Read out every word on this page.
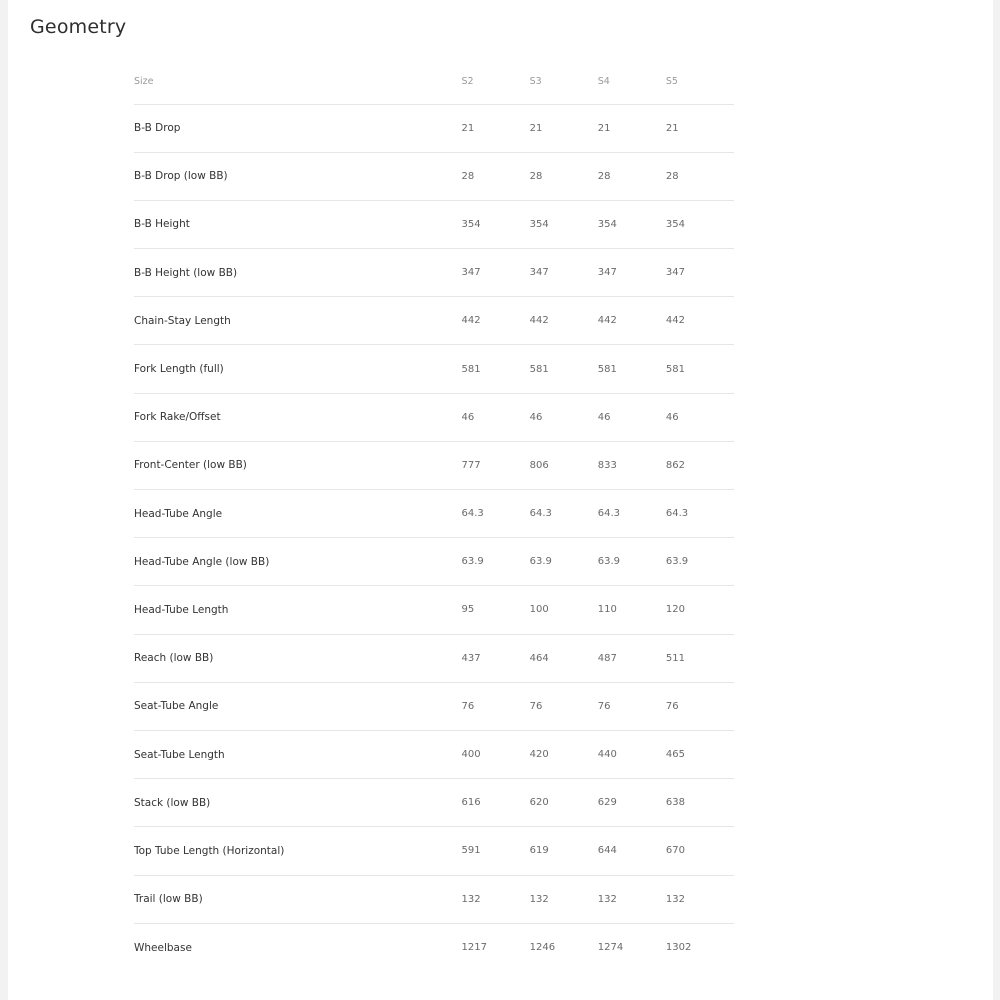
Geometry
Size	S2	S3	S4	S5
B-B Drop	21	21	21	21
B-B Drop (low BB)	28	28	28	28
B-B Height	354	354	354	354
B-B Height (low BB)	347	347	347	347
Chain-Stay Length	442	442	442	442
Fork Length (full)	581	581	581	581
Fork Rake/Offset	46	46	46	46
Front-Center (low BB)	777	806	833	862
Head-Tube Angle	64.3	64.3	64.3	64.3
Head-Tube Angle (low BB)	63.9	63.9	63.9	63.9
Head-Tube Length	95	100	110	120
Reach (low BB)	437	464	487	511
Seat-Tube Angle	76	76	76	76
Seat-Tube Length	400	420	440	465
Stack (low BB)	616	620	629	638
Top Tube Length (Horizontal)	591	619	644	670
Trail (low BB)	132	132	132	132
Wheelbase	1217	1246	1274	1302
